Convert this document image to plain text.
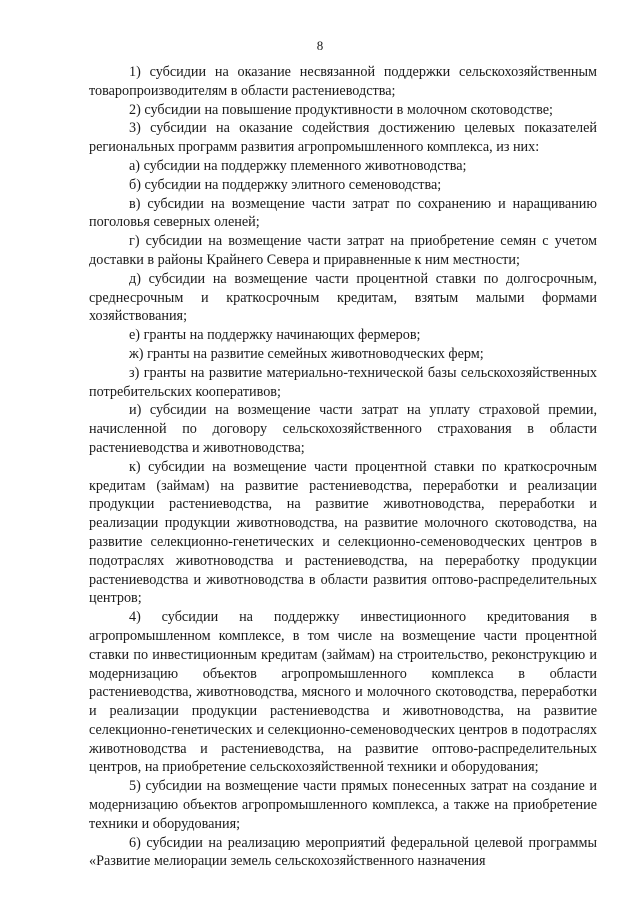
8

1) субсидии на оказание несвязанной поддержки сельскохозяйственным товаропроизводителям в области растениеводства;

2) субсидии на повышение продуктивности в молочном скотоводстве;

3) субсидии на оказание содействия достижению целевых показателей региональных программ развития агропромышленного комплекса, из них:

а) субсидии на поддержку племенного животноводства;

б) субсидии на поддержку элитного семеноводства;

в) субсидии на возмещение части затрат по сохранению и наращиванию поголовья северных оленей;

г) субсидии на возмещение части затрат на приобретение семян с учетом доставки в районы Крайнего Севера и приравненные к ним местности;

д) субсидии на возмещение части процентной ставки по долгосрочным, среднесрочным и краткосрочным кредитам, взятым малыми формами хозяйствования;

е) гранты на поддержку начинающих фермеров;

ж) гранты на развитие семейных животноводческих ферм;

з) гранты на развитие материально-технической базы сельскохозяйственных потребительских кооперативов;

и) субсидии на возмещение части затрат на уплату страховой премии, начисленной по договору сельскохозяйственного страхования в области растениеводства и животноводства;

к) субсидии на возмещение части процентной ставки по краткосрочным кредитам (займам) на развитие растениеводства, переработки и реализации продукции растениеводства, на развитие животноводства, переработки и реализации продукции животноводства, на развитие молочного скотоводства, на развитие селекционно-генетических и селекционно-семеноводческих центров в подотраслях животноводства и растениеводства, на переработку продукции растениеводства и животноводства в области развития оптово-распределительных центров;

4) субсидии на поддержку инвестиционного кредитования в агропромышленном комплексе, в том числе на возмещение части процентной ставки по инвестиционным кредитам (займам) на строительство, реконструкцию и модернизацию объектов агропромышленного комплекса в области растениеводства, животноводства, мясного и молочного скотоводства, переработки и реализации продукции растениеводства и животноводства, на развитие селекционно-генетических и селекционно-семеноводческих центров в подотраслях животноводства и растениеводства, на развитие оптово-распределительных центров, на приобретение сельскохозяйственной техники и оборудования;

5) субсидии на возмещение части прямых понесенных затрат на создание и модернизацию объектов агропромышленного комплекса, а также на приобретение техники и оборудования;

6) субсидии на реализацию мероприятий федеральной целевой программы «Развитие мелиорации земель сельскохозяйственного назначения
